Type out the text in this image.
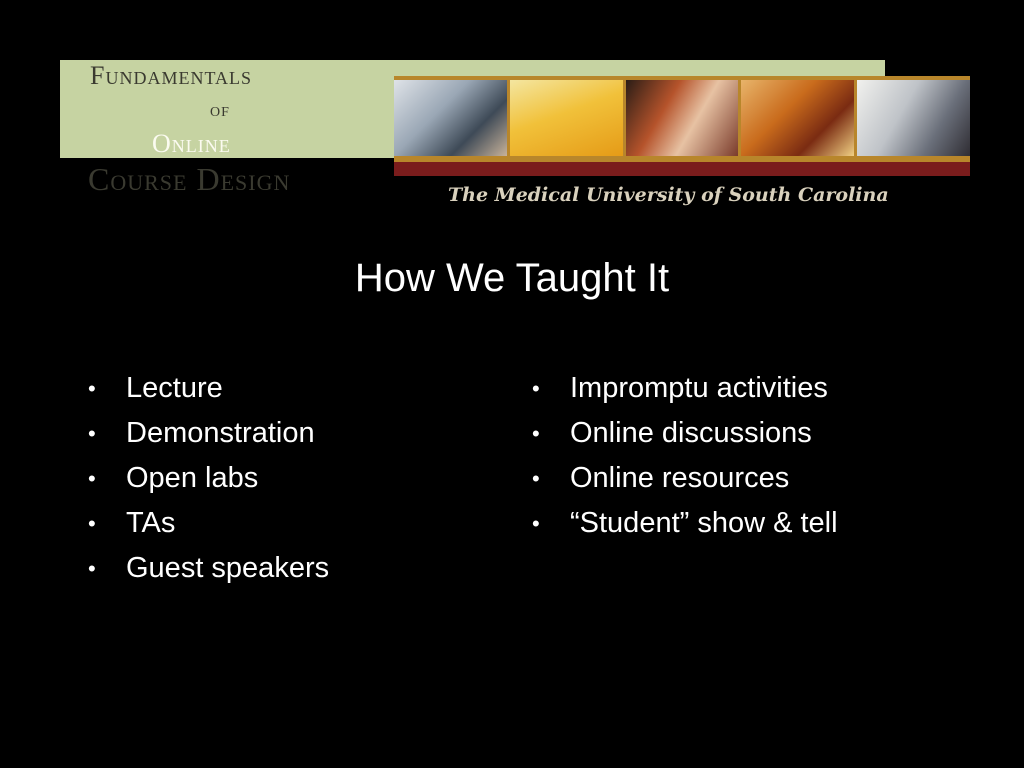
Fundamentals
of
Online
Course Design	The Medical University of South Carolina
How We Taught It
• Lecture
• Demonstration
• Open labs
• TAs
• Guest speakers
• Impromptu activities
• Online discussions
• Online resources
• “Student” show & tell
